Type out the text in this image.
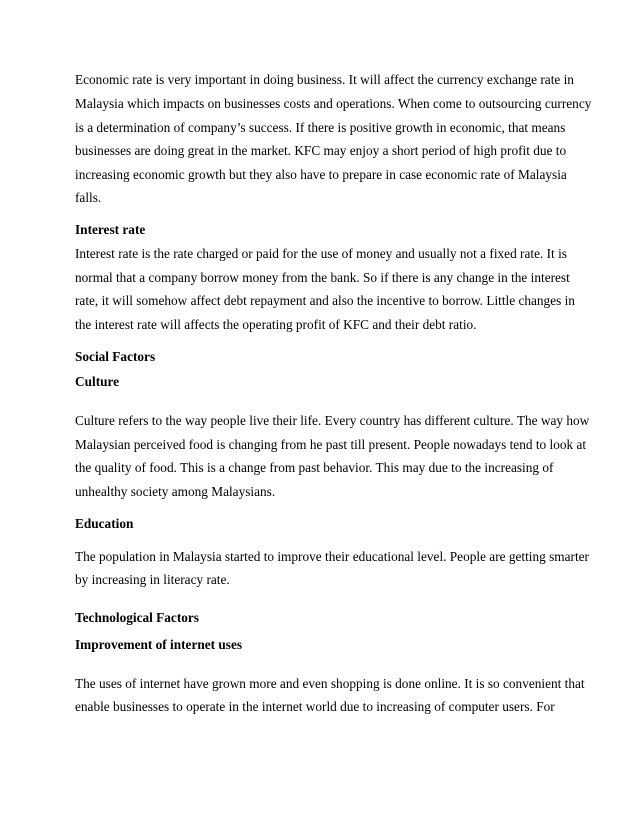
Economic rate is very important in doing business. It will affect the currency exchange rate in

Malaysia which impacts on businesses costs and operations. When come to outsourcing currency

is a determination of company’s success. If there is positive growth in economic, that means

businesses are doing great in the market. KFC may enjoy a short period of high profit due to

increasing economic growth but they also have to prepare in case economic rate of Malaysia

falls.

Interest rate

Interest rate is the rate charged or paid for the use of money and usually not a fixed rate. It is

normal that a company borrow money from the bank. So if there is any change in the interest

rate, it will somehow affect debt repayment and also the incentive to borrow. Little changes in

the interest rate will affects the operating profit of KFC and their debt ratio.

Social Factors

Culture

Culture refers to the way people live their life. Every country has different culture. The way how

Malaysian perceived food is changing from he past till present. People nowadays tend to look at

the quality of food. This is a change from past behavior. This may due to the increasing of

unhealthy society among Malaysians.

Education

The population in Malaysia started to improve their educational level. People are getting smarter

by increasing in literacy rate.

Technological Factors

Improvement of internet uses

The uses of internet have grown more and even shopping is done online. It is so convenient that

enable businesses to operate in the internet world due to increasing of computer users. For
